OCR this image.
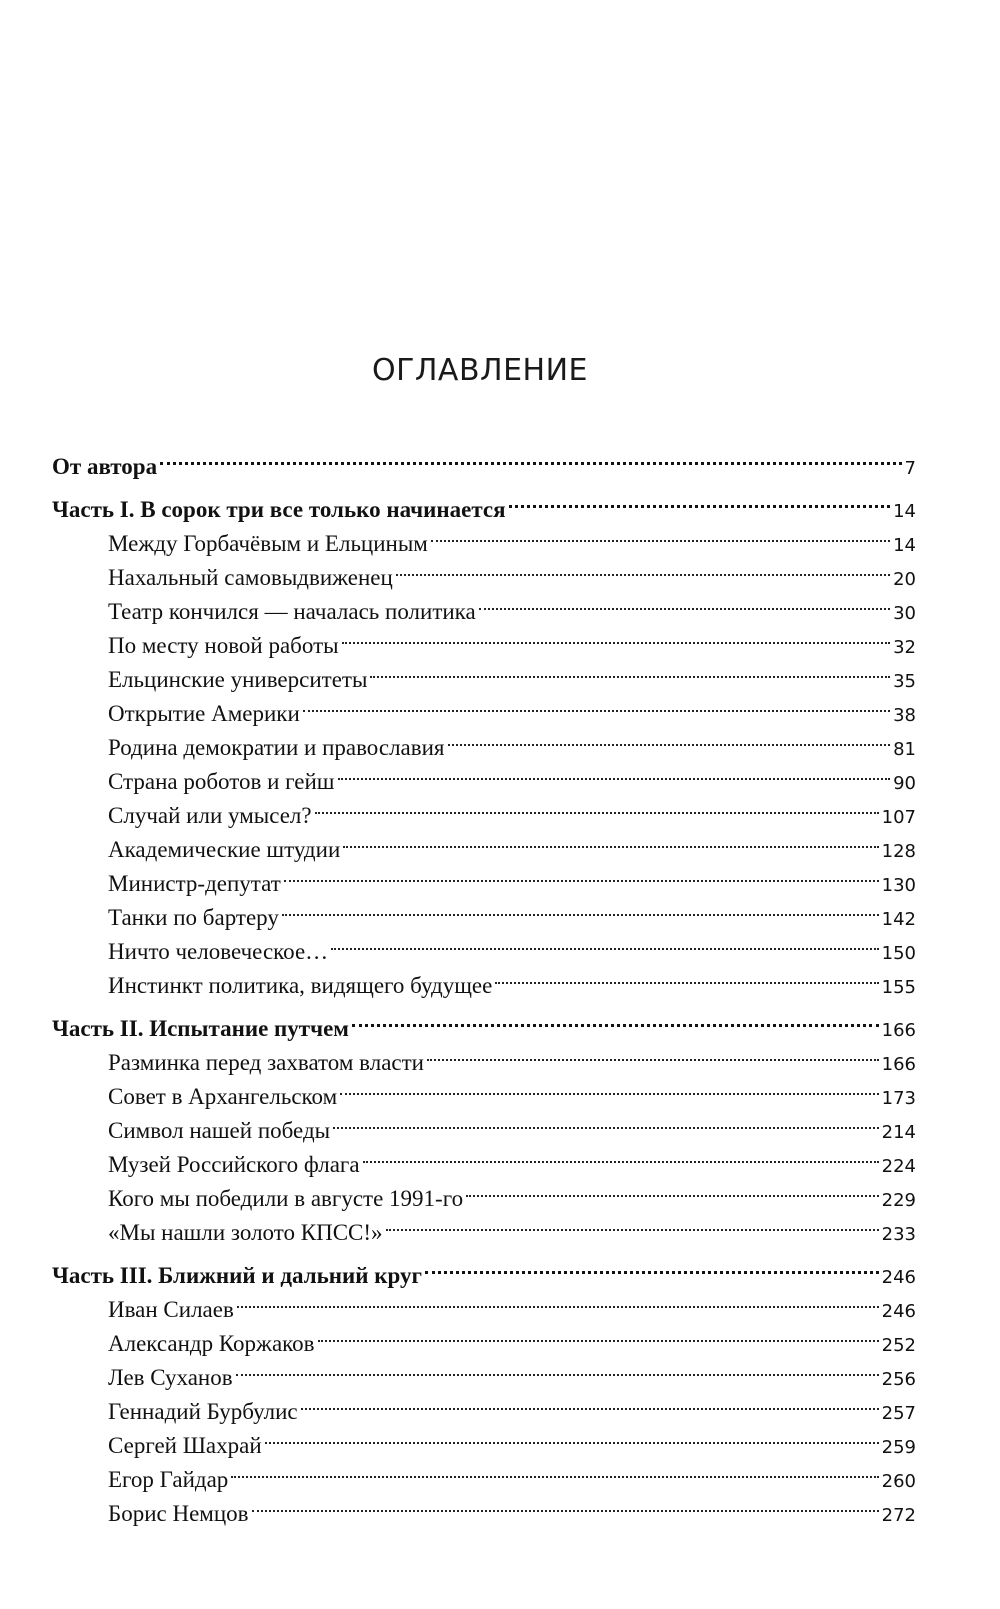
ОГЛАВЛЕНИЕ
От автора	7
Часть I. В сорок три все только начинается	14
Между Горбачёвым и Ельциным	14
Нахальный самовыдвиженец	20
Театр кончился — началась политика	30
По месту новой работы	32
Ельцинские университеты	35
Открытие Америки	38
Родина демократии и православия	81
Страна роботов и гейш	90
Случай или умысел?	107
Академические штудии	128
Министр-депутат	130
Танки по бартеру	142
Ничто человеческое…	150
Инстинкт политика, видящего будущее	155
Часть II. Испытание путчем	166
Разминка перед захватом власти	166
Совет в Архангельском	173
Символ нашей победы	214
Музей Российского флага	224
Кого мы победили в августе 1991-го	229
«Мы нашли золото КПСС!»	233
Часть III. Ближний и дальний круг	246
Иван Силаев	246
Александр Коржаков	252
Лев Суханов	256
Геннадий Бурбулис	257
Сергей Шахрай	259
Егор Гайдар	260
Борис Немцов	272
